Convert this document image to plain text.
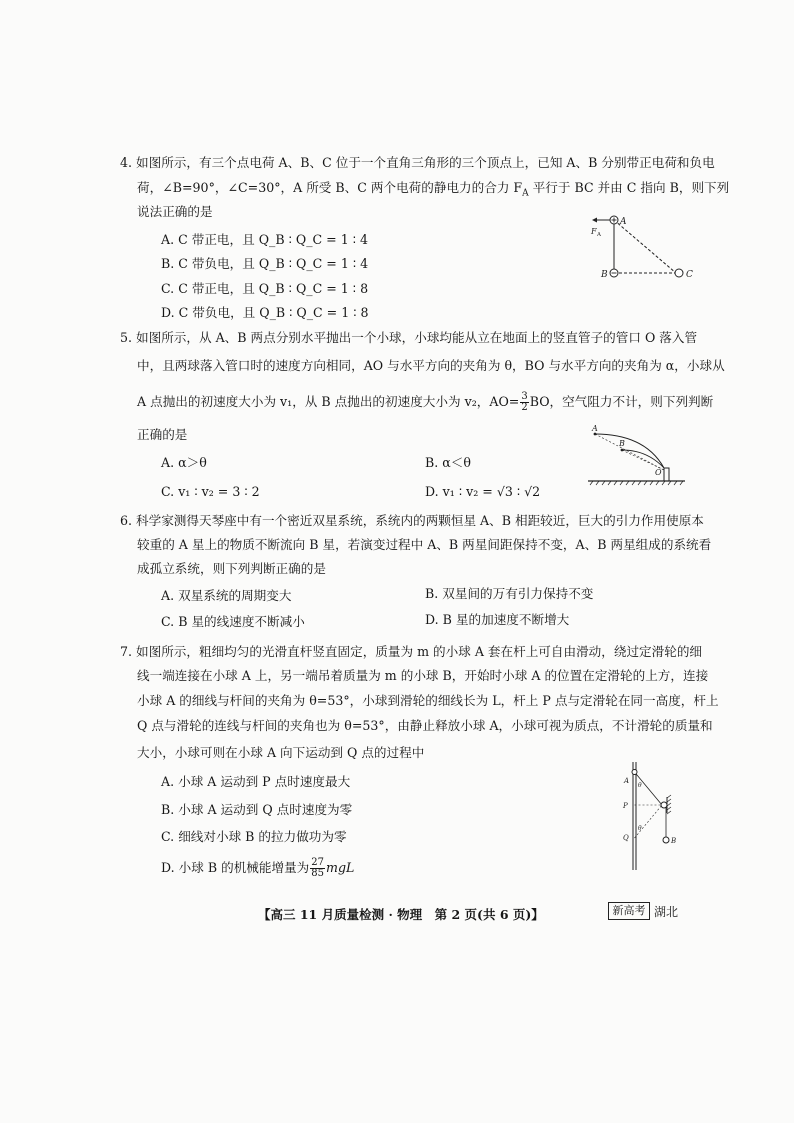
4. 如图所示，有三个点电荷 A、B、C 位于一个直角三角形的三个顶点上，已知 A、B 分别带正电荷和负电
荷，∠B=90°，∠C=30°，A 所受 B、C 两个电荷的静电力的合力 $F_A$ 平行于 BC 并由 C 指向 B，则下列
说法正确的是
A. C 带正电，且 Q_B ∶ Q_C = 1 ∶ 4
B. C 带负电，且 Q_B ∶ Q_C = 1 ∶ 4
C. C 带正电，且 Q_B ∶ Q_C = 1 ∶ 8
D. C 带负电，且 Q_B ∶ Q_C = 1 ∶ 8
A
B	C
F A
5. 如图所示，从 A、B 两点分别水平抛出一个小球，小球均能从立在地面上的竖直管子的管口 O 落入管
中，且两球落入管口时的速度方向相同，AO 与水平方向的夹角为 θ，BO 与水平方向的夹角为 α，小球从
A 点抛出的初速度大小为 v₁，从 B 点抛出的初速度大小为 v₂，$AO= \frac{3}{2}$ BO，空气阻力不计，则下列判断
正确的是
A. α＞θ	B. α＜θ
C. v₁ ∶ v₂ = 3 ∶ 2	D. v₁ ∶ v₂ = √3 ∶ √2
A
B
O
6. 科学家测得天琴座中有一个密近双星系统，系统内的两颗恒星 A、B 相距较近，巨大的引力作用使原本
较重的 A 星上的物质不断流向 B 星，若演变过程中 A、B 两星间距保持不变，A、B 两星组成的系统看
成孤立系统，则下列判断正确的是
A. 双星系统的周期变大	B. 双星间的万有引力保持不变
C. B 星的线速度不断减小	D. B 星的加速度不断增大
7. 如图所示，粗细均匀的光滑直杆竖直固定，质量为 m 的小球 A 套在杆上可自由滑动，绕过定滑轮的细
线一端连接在小球 A 上，另一端吊着质量为 m 的小球 B，开始时小球 A 的位置在定滑轮的上方，连接
小球 A 的细线与杆间的夹角为 θ=53°，小球到滑轮的细线长为 L，杆上 P 点与定滑轮在同一高度，杆上
Q 点与滑轮的连线与杆间的夹角也为 θ=53°，由静止释放小球 A，小球可视为质点，不计滑轮的质量和
大小，小球可则在小球 A 向下运动到 Q 点的过程中
A. 小球 A 运动到 P 点时速度最大
B. 小球 A 运动到 Q 点时速度为零
C. 细线对小球 B 的拉力做功为零
D. 小球 B 的机械能增量为 $\frac{27}{85}$ mgL
A
θ
P
θ
Q	B
【高三 11 月质量检测 · 物理　第 2 页(共 6 页)】	新高考 湖北
